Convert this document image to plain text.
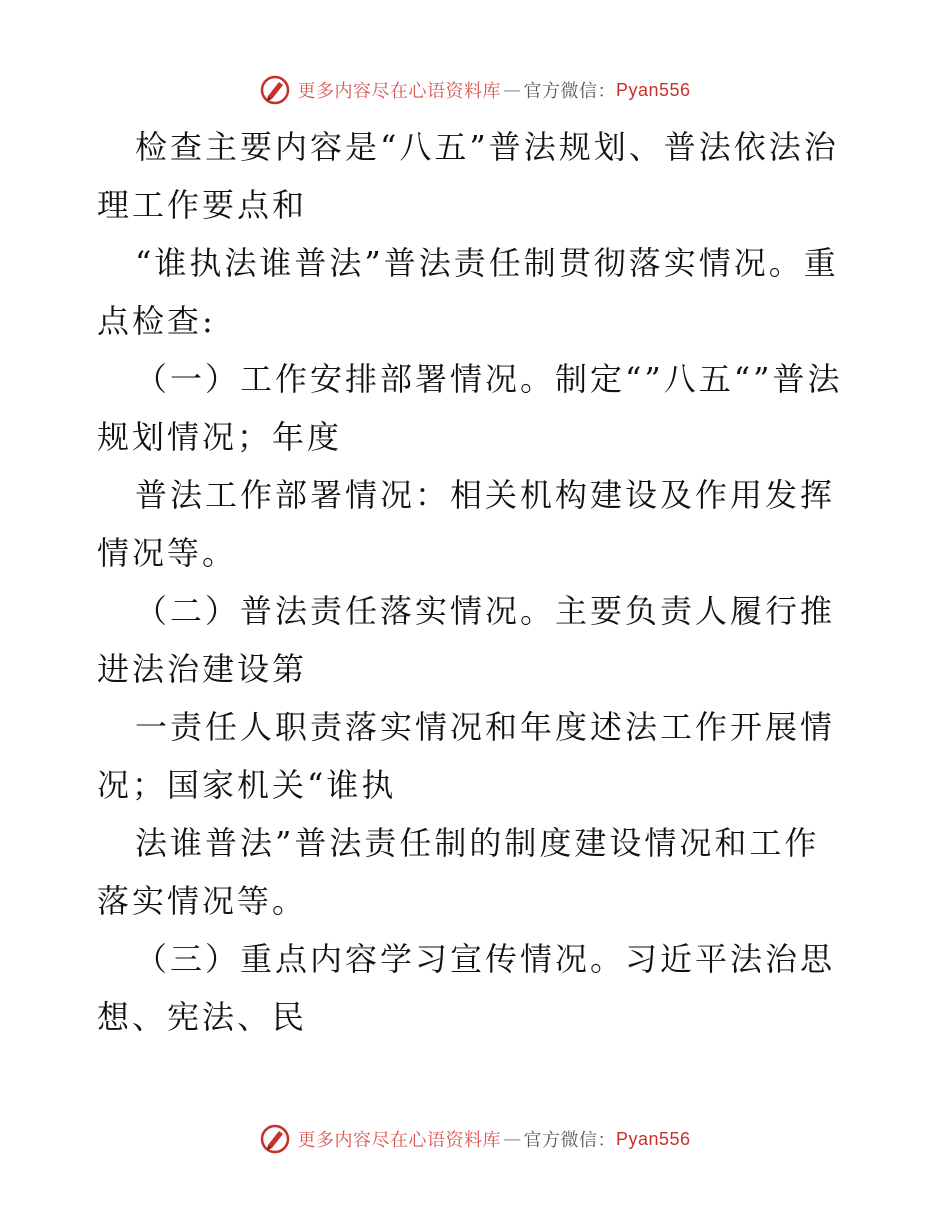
更多内容尽在心语资料库 — 官方微信： Pyan556

检查主要内容是“八五”普法规划、普法依法治理工作要点和

“谁执法谁普法”普法责任制贯彻落实情况。重点检查:

（一）工作安排部署情况。制定“”八五“”普法规划情况；年度

普法工作部署情况：相关机构建设及作用发挥情况等。

（二）普法责任落实情况。主要负责人履行推进法治建设第

一责任人职责落实情况和年度述法工作开展情况；国家机关“谁执

法谁普法”普法责任制的制度建设情况和工作落实情况等。

（三）重点内容学习宣传情况。习近平法治思想、宪法、民

更多内容尽在心语资料库 — 官方微信： Pyan556
